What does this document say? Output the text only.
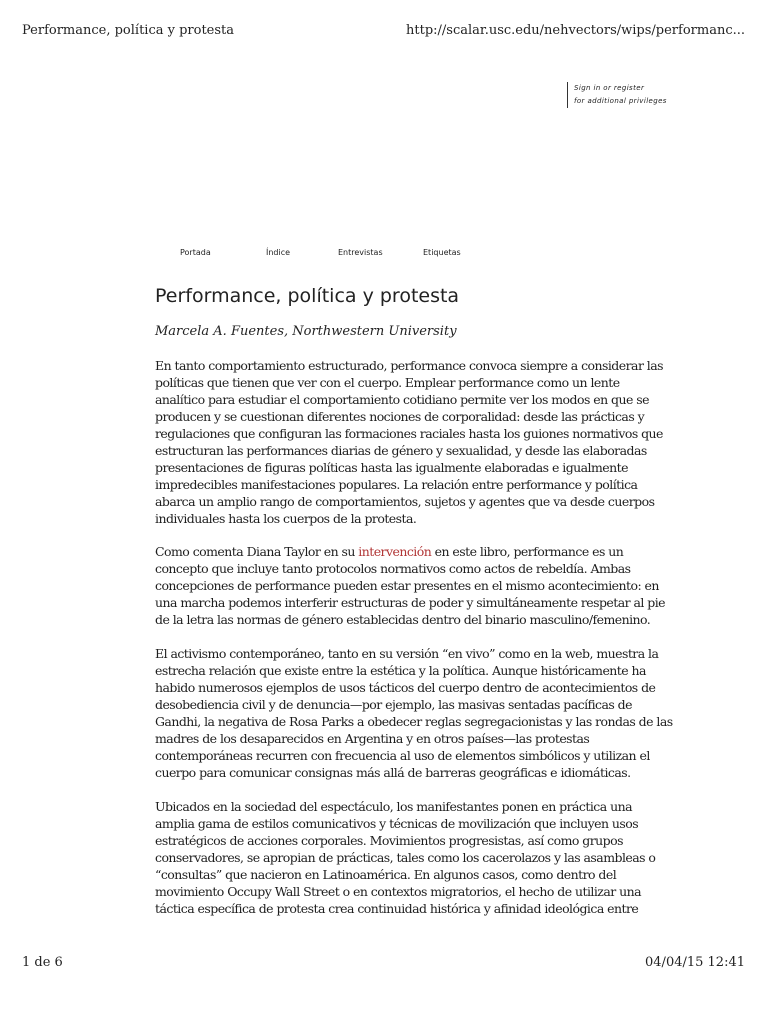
Performance, política y protesta	http://scalar.usc.edu/nehvectors/wips/performanc...
Sign in or register
for additional privileges
Portada	Índice	Entrevistas	Etiquetas
Performance, política y protesta
Marcela A. Fuentes, Northwestern University
En tanto comportamiento estructurado, performance convoca siempre a considerar las
políticas que tienen que ver con el cuerpo. Emplear performance como un lente
analítico para estudiar el comportamiento cotidiano permite ver los modos en que se
producen y se cuestionan diferentes nociones de corporalidad: desde las prácticas y
regulaciones que configuran las formaciones raciales hasta los guiones normativos que
estructuran las performances diarias de género y sexualidad, y desde las elaboradas
presentaciones de figuras políticas hasta las igualmente elaboradas e igualmente
impredecibles manifestaciones populares. La relación entre performance y política
abarca un amplio rango de comportamientos, sujetos y agentes que va desde cuerpos
individuales hasta los cuerpos de la protesta.
Como comenta Diana Taylor en su intervención en este libro, performance es un
concepto que incluye tanto protocolos normativos como actos de rebeldía. Ambas
concepciones de performance pueden estar presentes en el mismo acontecimiento: en
una marcha podemos interferir estructuras de poder y simultáneamente respetar al pie
de la letra las normas de género establecidas dentro del binario masculino/femenino.
El activismo contemporáneo, tanto en su versión “en vivo” como en la web, muestra la
estrecha relación que existe entre la estética y la política. Aunque históricamente ha
habido numerosos ejemplos de usos tácticos del cuerpo dentro de acontecimientos de
desobediencia civil y de denuncia—por ejemplo, las masivas sentadas pacíficas de
Gandhi, la negativa de Rosa Parks a obedecer reglas segregacionistas y las rondas de las
madres de los desaparecidos en Argentina y en otros países—las protestas
contemporáneas recurren con frecuencia al uso de elementos simbólicos y utilizan el
cuerpo para comunicar consignas más allá de barreras geográficas e idiomáticas.
Ubicados en la sociedad del espectáculo, los manifestantes ponen en práctica una
amplia gama de estilos comunicativos y técnicas de movilización que incluyen usos
estratégicos de acciones corporales. Movimientos progresistas, así como grupos
conservadores, se apropian de prácticas, tales como los cacerolazos y las asambleas o
“consultas” que nacieron en Latinoamérica. En algunos casos, como dentro del
movimiento Occupy Wall Street o en contextos migratorios, el hecho de utilizar una
táctica específica de protesta crea continuidad histórica y afinidad ideológica entre
1 de 6	04/04/15 12:41
